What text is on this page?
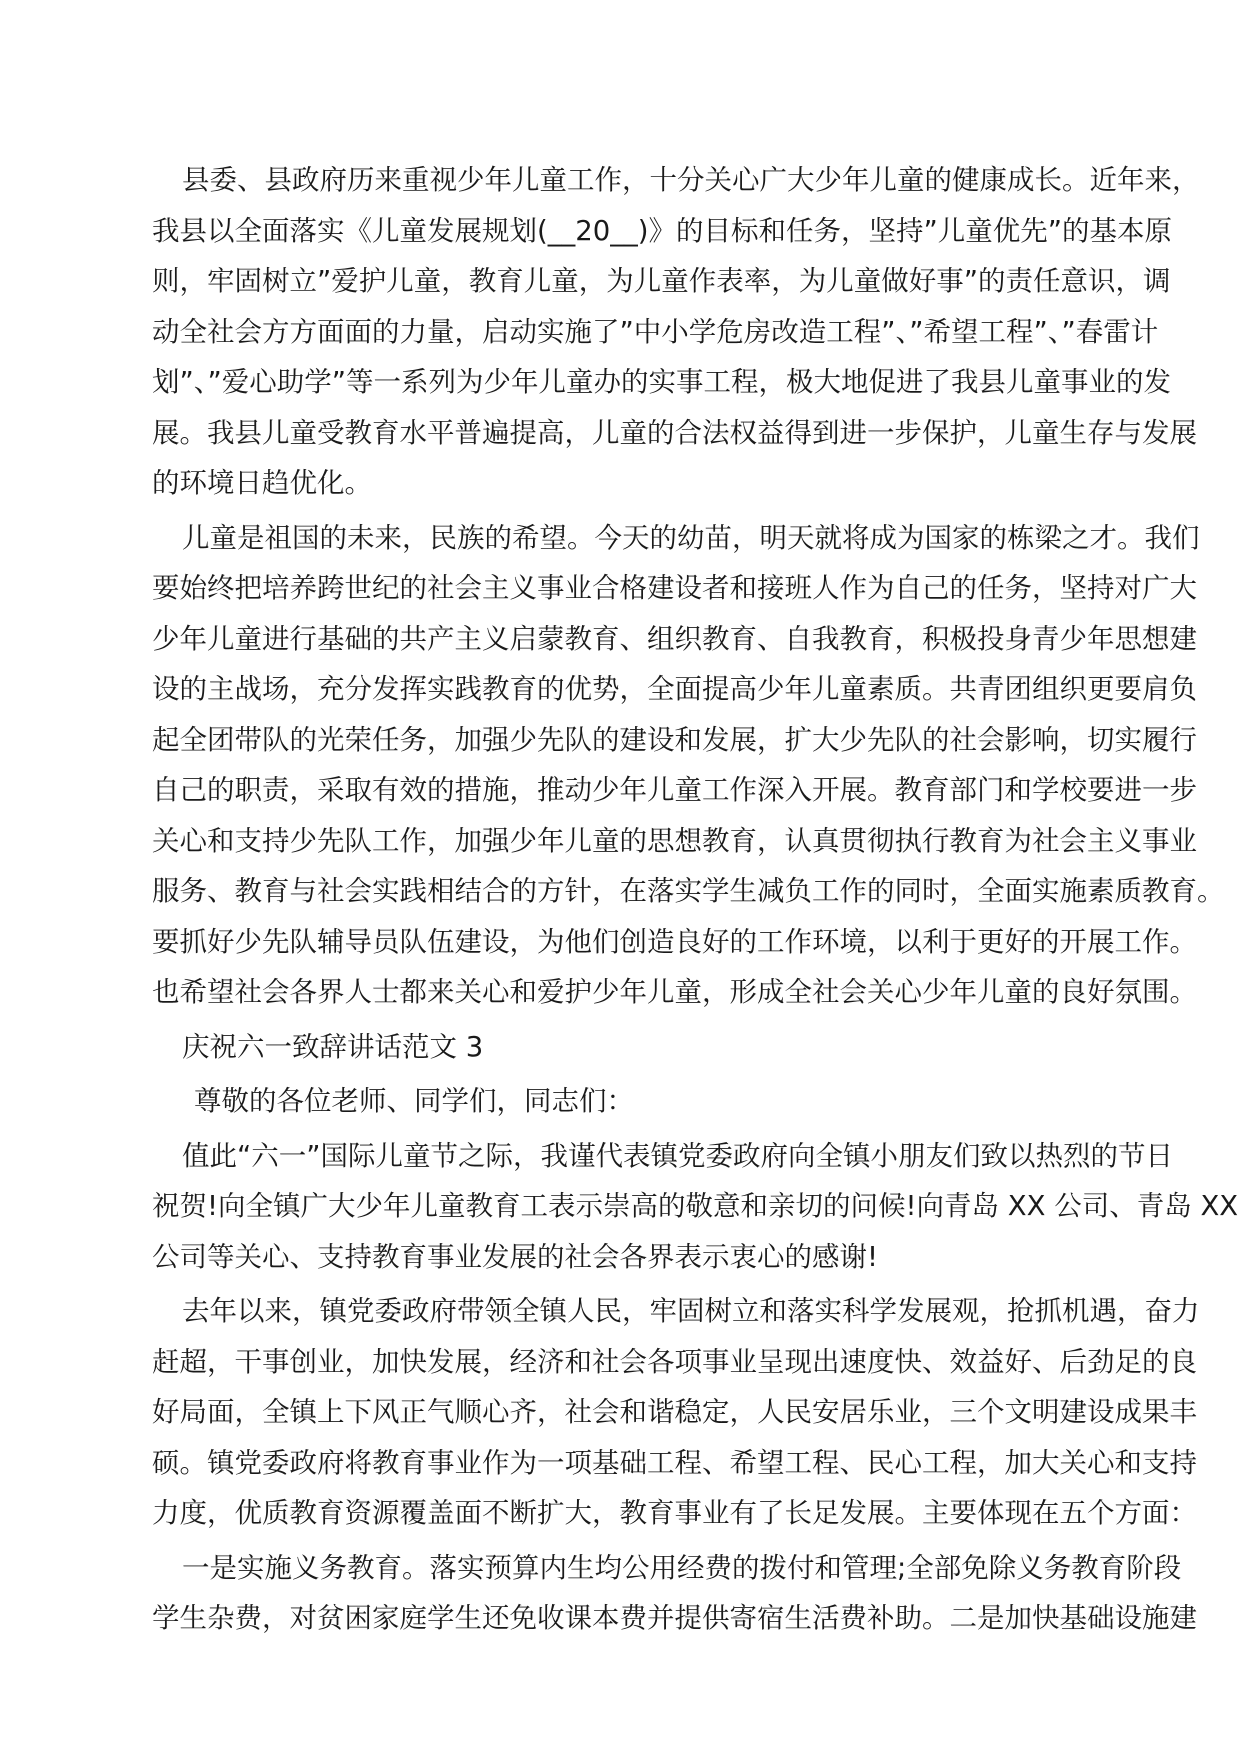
县委、县政府历来重视少年儿童工作，十分关心广大少年儿童的健康成长。近年来，
我县以全面落实《儿童发展规划(__20__)》的目标和任务，坚持”儿童优先”的基本原
则，牢固树立”爱护儿童，教育儿童，为儿童作表率，为儿童做好事”的责任意识，调
动全社会方方面面的力量，启动实施了”中小学危房改造工程”、”希望工程”、”春雷计
划”、”爱心助学”等一系列为少年儿童办的实事工程，极大地促进了我县儿童事业的发
展。我县儿童受教育水平普遍提高，儿童的合法权益得到进一步保护，儿童生存与发展
的环境日趋优化。
儿童是祖国的未来，民族的希望。今天的幼苗，明天就将成为国家的栋梁之才。我们
要始终把培养跨世纪的社会主义事业合格建设者和接班人作为自己的任务，坚持对广大
少年儿童进行基础的共产主义启蒙教育、组织教育、自我教育，积极投身青少年思想建
设的主战场，充分发挥实践教育的优势，全面提高少年儿童素质。共青团组织更要肩负
起全团带队的光荣任务，加强少先队的建设和发展，扩大少先队的社会影响，切实履行
自己的职责，采取有效的措施，推动少年儿童工作深入开展。教育部门和学校要进一步
关心和支持少先队工作，加强少年儿童的思想教育，认真贯彻执行教育为社会主义事业
服务、教育与社会实践相结合的方针，在落实学生减负工作的同时，全面实施素质教育。
要抓好少先队辅导员队伍建设，为他们创造良好的工作环境，以利于更好的开展工作。
也希望社会各界人士都来关心和爱护少年儿童，形成全社会关心少年儿童的良好氛围。
庆祝六一致辞讲话范文 3
尊敬的各位老师、同学们，同志们：
值此“六一”国际儿童节之际，我谨代表镇党委政府向全镇小朋友们致以热烈的节日
祝贺!向全镇广大少年儿童教育工表示崇高的敬意和亲切的问候!向青岛 XX 公司、青岛 XX
公司等关心、支持教育事业发展的社会各界表示衷心的感谢!
去年以来，镇党委政府带领全镇人民，牢固树立和落实科学发展观，抢抓机遇，奋力
赶超，干事创业，加快发展，经济和社会各项事业呈现出速度快、效益好、后劲足的良
好局面，全镇上下风正气顺心齐，社会和谐稳定，人民安居乐业，三个文明建设成果丰
硕。镇党委政府将教育事业作为一项基础工程、希望工程、民心工程，加大关心和支持
力度，优质教育资源覆盖面不断扩大，教育事业有了长足发展。主要体现在五个方面：
一是实施义务教育。落实预算内生均公用经费的拨付和管理;全部免除义务教育阶段
学生杂费，对贫困家庭学生还免收课本费并提供寄宿生活费补助。二是加快基础设施建
